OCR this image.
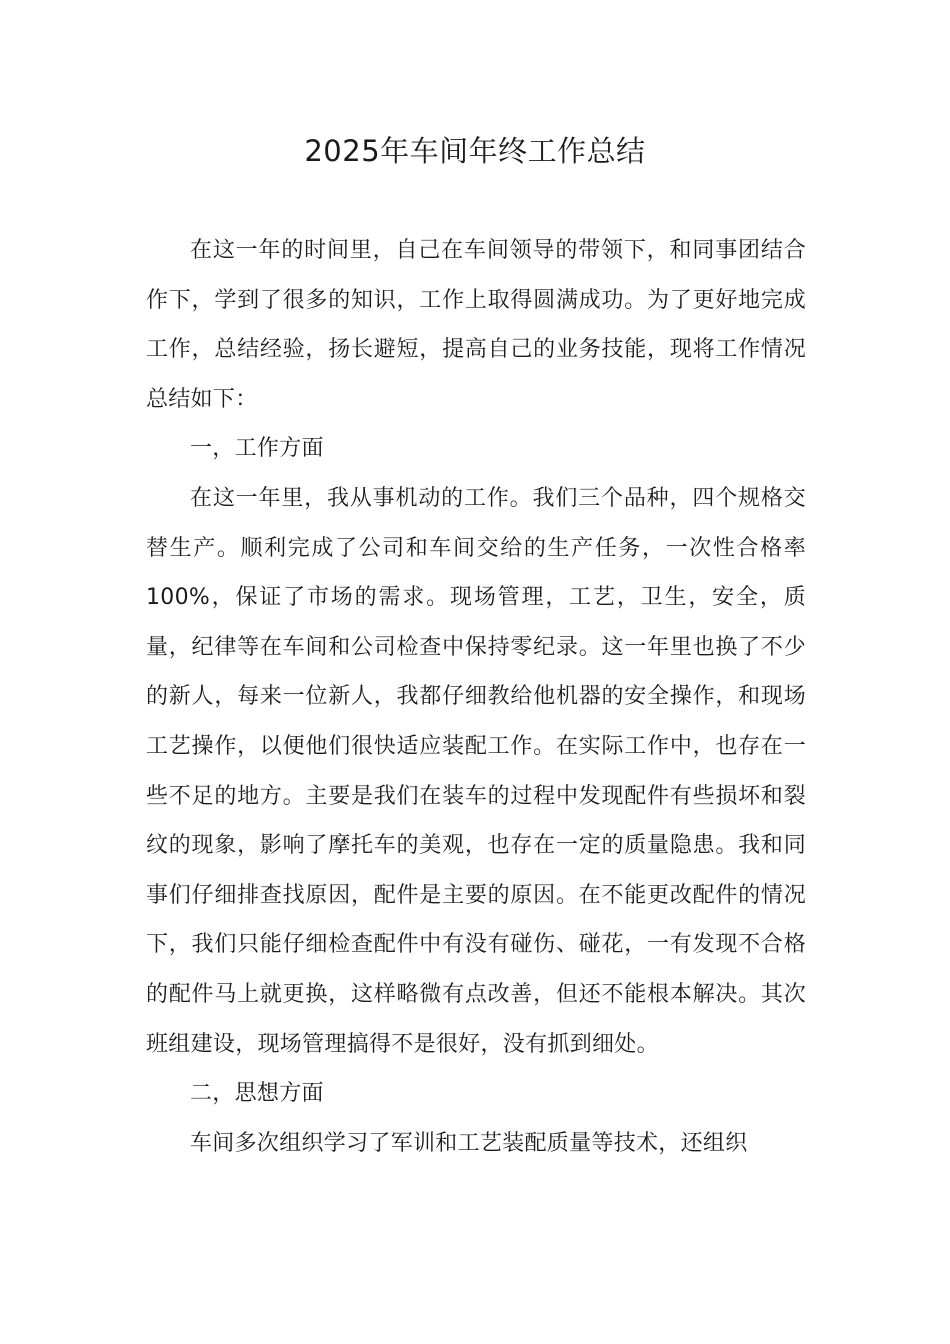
2025年车间年终工作总结

在这一年的时间里，自己在车间领导的带领下，和同事团结合作下，学到了很多的知识，工作上取得圆满成功。为了更好地完成工作，总结经验，扬长避短，提高自己的业务技能，现将工作情况总结如下：

一，工作方面

在这一年里，我从事机动的工作。我们三个品种，四个规格交替生产。顺利完成了公司和车间交给的生产任务，一次性合格率100%，保证了市场的需求。现场管理，工艺，卫生，安全，质量，纪律等在车间和公司检查中保持零纪录。这一年里也换了不少的新人，每来一位新人，我都仔细教给他机器的安全操作，和现场工艺操作，以便他们很快适应装配工作。在实际工作中，也存在一些不足的地方。主要是我们在装车的过程中发现配件有些损坏和裂纹的现象，影响了摩托车的美观，也存在一定的质量隐患。我和同事们仔细排查找原因，配件是主要的原因。在不能更改配件的情况下，我们只能仔细检查配件中有没有碰伤、碰花，一有发现不合格的配件马上就更换，这样略微有点改善，但还不能根本解决。其次班组建设，现场管理搞得不是很好，没有抓到细处。

二，思想方面

车间多次组织学习了军训和工艺装配质量等技术，还组织
